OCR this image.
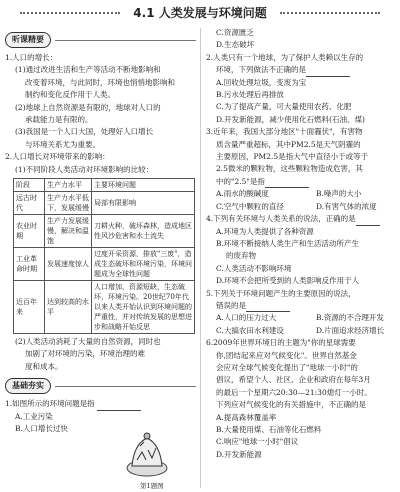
4.1 人类发展与环境问题
听课精要

1.人口的增长：

(1)通过改进生活和生产等活动不断地影响和

改变着环境，与此同时，环境也悄悄地影响和

制约和变化反作用于人类。

(2)地球上自然资源是有限的，地球对人口的

承载能力是有限的。

(3)我国是一个人口大国，处理好人口增长

与环境关系尤为重要。

2.人口增长对环境带来的影响：

(1)不同阶段人类活动对环境影响的比较：

阶段	生产力水平	主要环境问题
远古时代	生产力水平低下，发展缓慢	局部有限影响
农业时期	生产力发展缓慢，解决和温饱	刀耕火种，破坏森林，造成地区性风沙危害和水土流失
工业革命时期	发展速度惊人	过度开采资源，排放"三废"，造成生态破坏和环境污染，环境问题成为全球性问题
近百年来	达到较高的水平	人口增加，资源短缺，生态破坏，环境污染。20世纪70年代以来人类开始认识到环境问题的严重性，并对传统发展的思想进步和战略开始反思

(2)人类活动消耗了大量的自然资源，同时也

加剧了对环境的污染，环境治理的难

度和成本。

基础夯实

1.如图所示的环境问题是指

A.工业污染

B.人口增长过快

第1题图

C.资源匮乏

D.生态破坏

2.人类只有一个地球，为了保护人类赖以生存的

环境，下列做法不正确的是

A.回收处理垃圾，变废为宝

B.污水处理后再排放

C.为了提高产量，可大量使用农药、化肥

D.开发新能源，减少使用化石燃料(石油、煤)

3.近年来，我国大部分地区"十面霾伏"，有害物

质含量严重超标，其中PM2.5是天气阴霾的

主要原因，PM2.5是指大气中直径小于或等于

2.5微米的颗粒物，这些颗粒物造成危害，其

中的"2.5"是指

A.雨水的酸碱度	B.噪声的大小

C.空气中颗粒的直径	D.有害气体的浓度

4.下列有关环境与人类关系的说法，正确的是

A.环境为人类提供了各种资源

B.环境不断接纳人类生产和生活活动所产生

的废弃物

C.人类活动不影响环境

D.环境不会把所受到的人类影响反作用于人

5.下列关于环境问题产生的主要原因的说法，

错误的是

A.人口的压力过大	B.资源的不合理开发

C.大搞农田水利建设	D.片面追求经济增长

6.2009年世界环境日的主题为"你的星球需要

你,团结起来应对气候变化"。世界自然基金

会应对全球气候变化提出了"地球一小时"的

倡议，希望个人、社区、企业和政府在每年3月

的最后一个星期六20:30—21:30熄灯一小时。

下列应对气候变化的有关措施中，不正确的是

A.提高森林覆盖率

B.大量使用煤、石油等化石燃料

C.响应"地球一小时"倡议

D.开发新能源
